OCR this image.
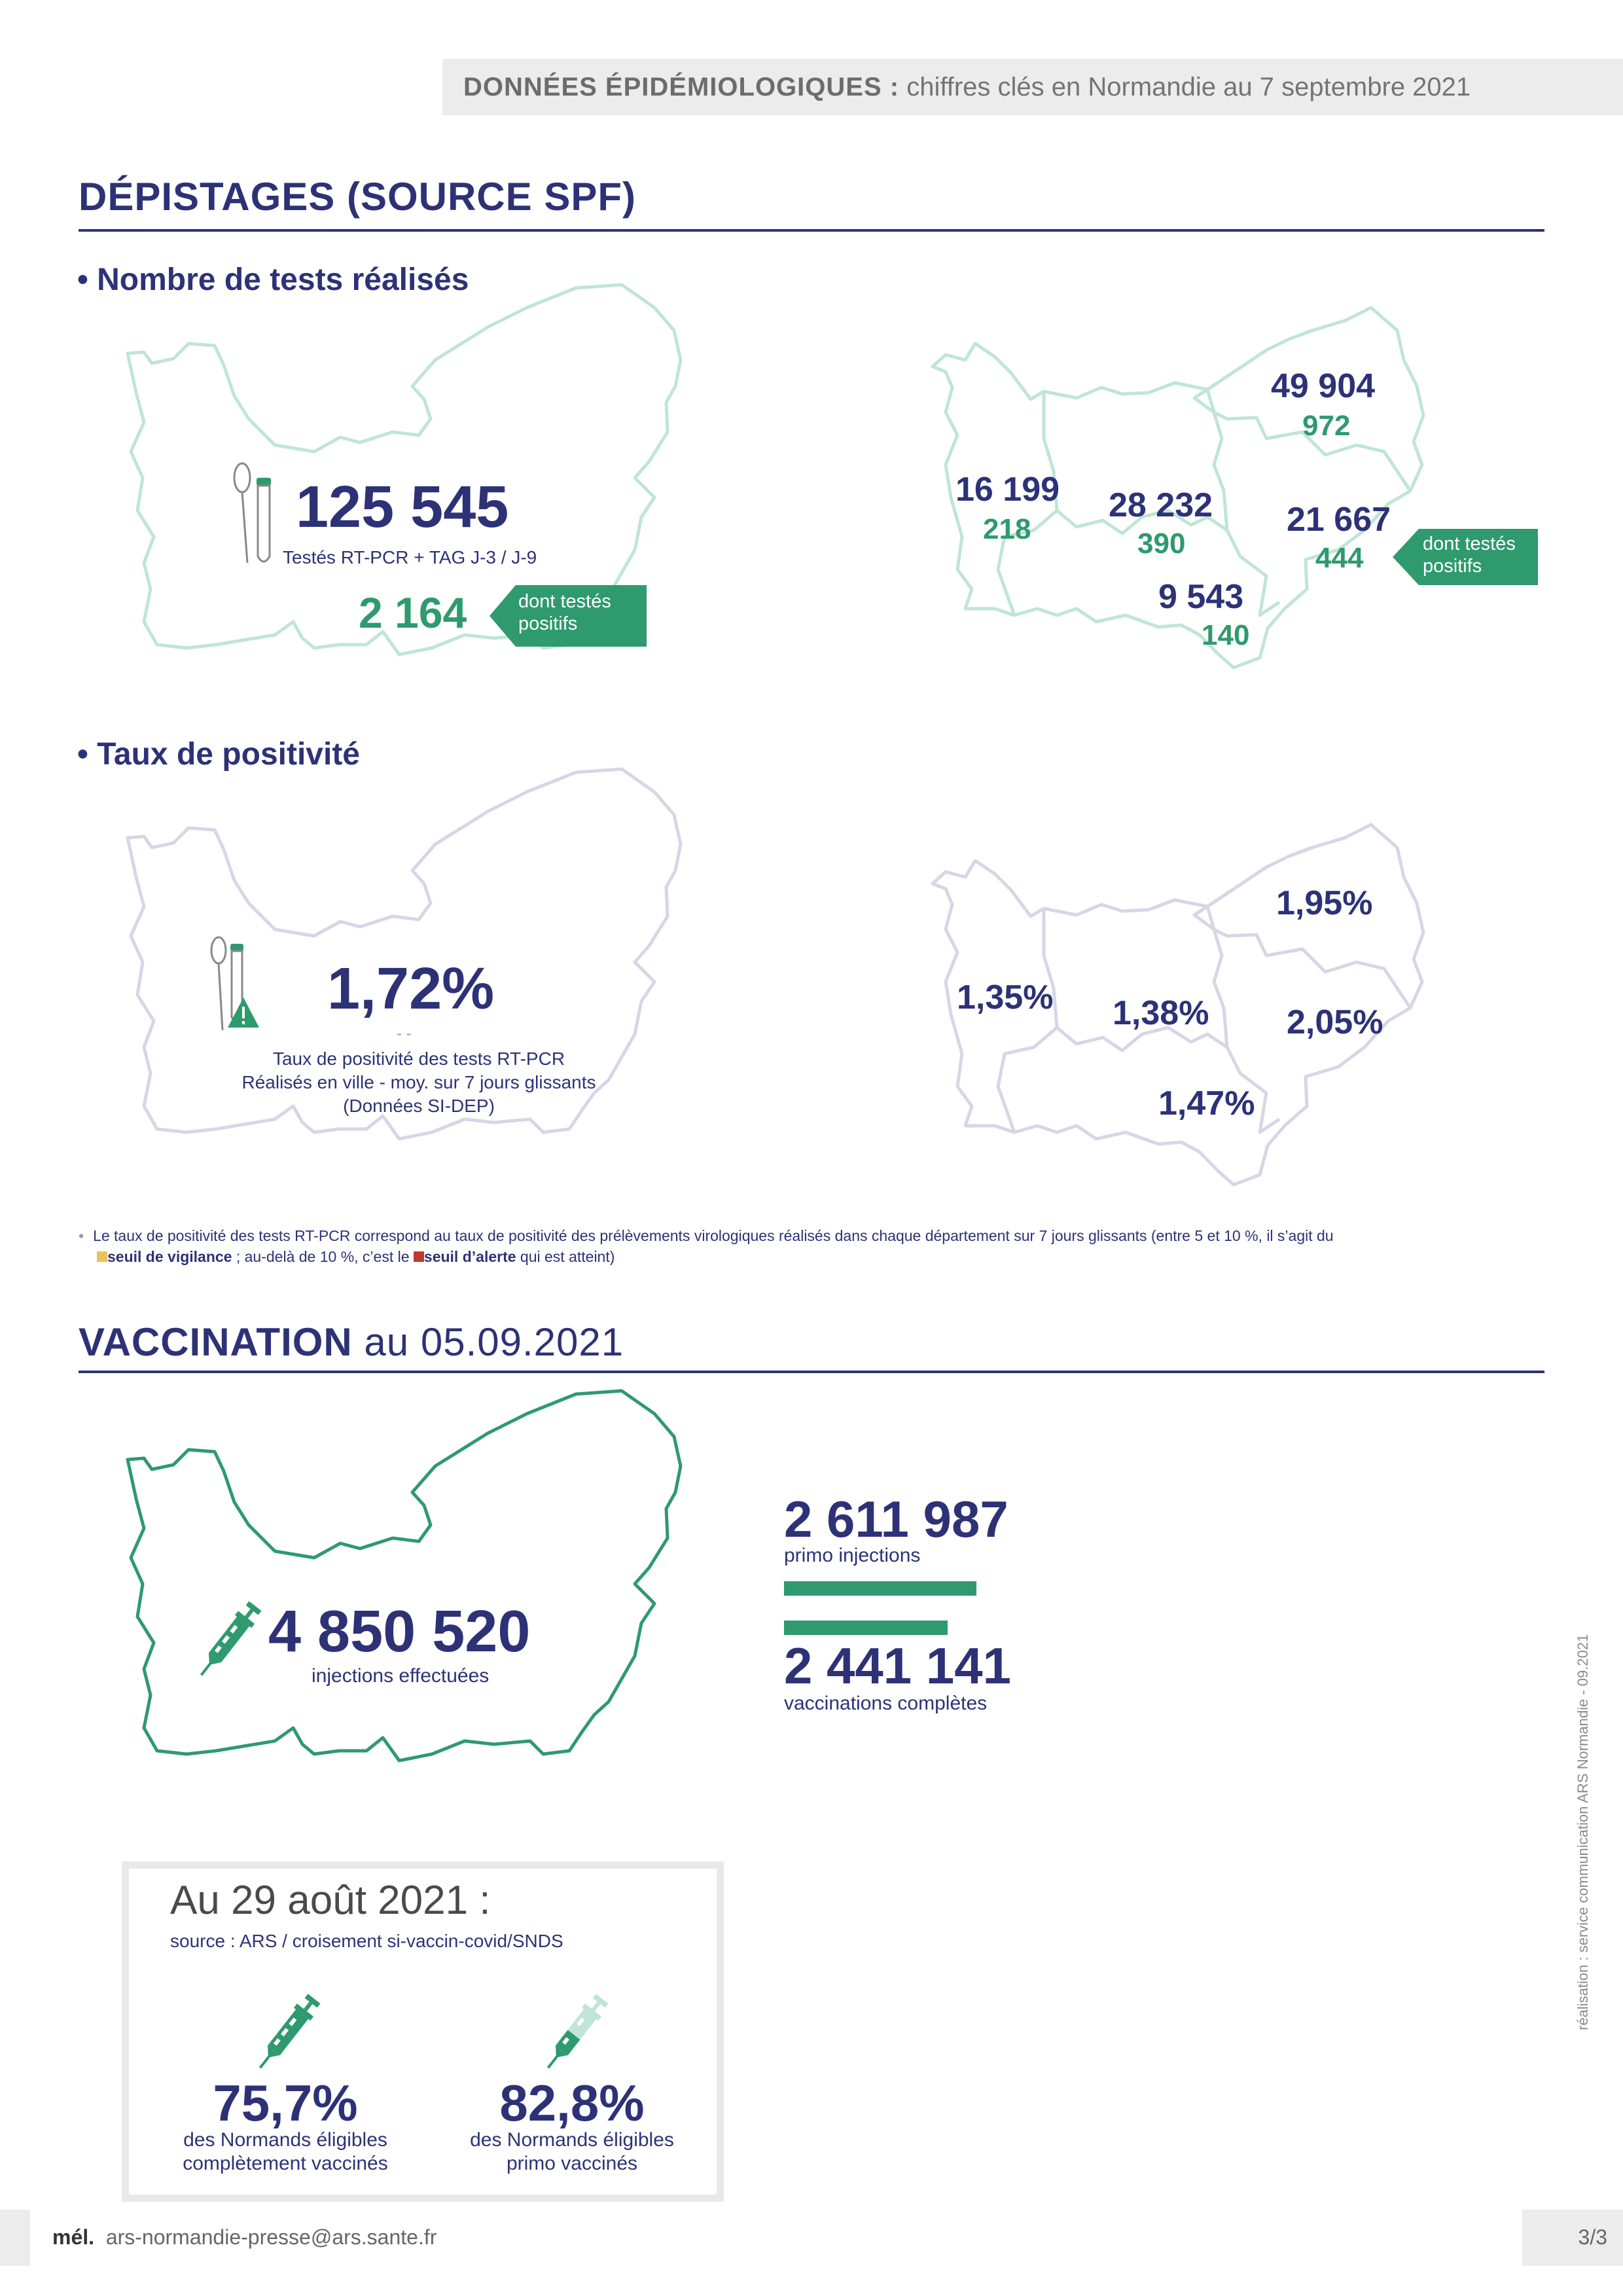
DONNÉES ÉPIDÉMIOLOGIQUES : chiffres clés en Normandie au 7 septembre 2021
DÉPISTAGES (SOURCE SPF)
• Nombre de tests réalisés
125 545
Testés RT-PCR + TAG J-3 / J-9
2 164	dont testés
positifs
49 904
972
16 199
218
28 232
390
21 667
444
9 543
140
dont testés
positifs
• Taux de positivité
1,72%
- -
Taux de positivité des tests RT-PCR
Réalisés en ville - moy. sur 7 jours glissants
(Données SI-DEP)
1,95%
1,35% 1,38% 2,05%
1,47%
• Le taux de positivité des tests RT-PCR correspond au taux de positivité des prélèvements virologiques réalisés dans chaque département sur 7 jours glissants (entre 5 et 10 %, il s’agit du
seuil de vigilance ; au-delà de 10 %, c’est le seuil d’alerte qui est atteint)
VACCINATION au 05.09.2021
4 850 520
injections effectuées
2 611 987
primo injections
2 441 141
vaccinations complètes
Au 29 août 2021 :
source : ARS / croisement si-vaccin-covid/SNDS
75,7%
des Normands éligibles
complètement vaccinés
82,8%
des Normands éligibles
primo vaccinés
réalisation : service communication ARS Normandie - 09.2021
mél. ars-normandie-presse@ars.sante.fr	3/3
